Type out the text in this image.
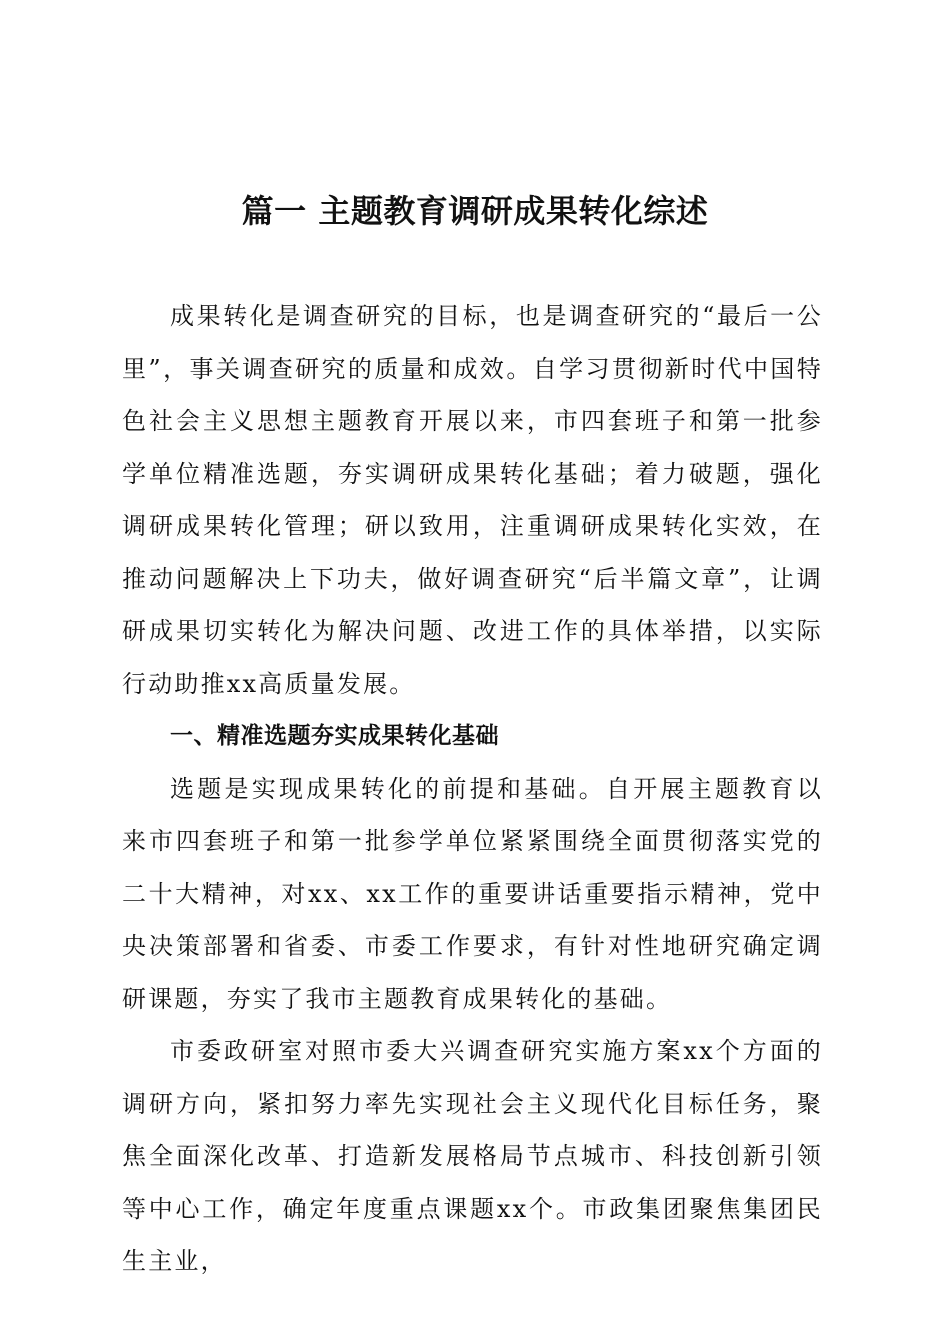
篇一 主题教育调研成果转化综述

成果转化是调查研究的目标，也是调查研究的“最后一公里”，事关调查研究的质量和成效。自学习贯彻新时代中国特色社会主义思想主题教育开展以来，市四套班子和第一批参学单位精准选题，夯实调研成果转化基础；着力破题，强化调研成果转化管理；研以致用，注重调研成果转化实效，在推动问题解决上下功夫，做好调查研究“后半篇文章”，让调研成果切实转化为解决问题、改进工作的具体举措，以实际行动助推xx高质量发展。

一、精准选题夯实成果转化基础

选题是实现成果转化的前提和基础。自开展主题教育以来市四套班子和第一批参学单位紧紧围绕全面贯彻落实党的二十大精神，对xx、xx工作的重要讲话重要指示精神，党中央决策部署和省委、市委工作要求，有针对性地研究确定调研课题，夯实了我市主题教育成果转化的基础。

市委政研室对照市委大兴调查研究实施方案xx个方面的调研方向，紧扣努力率先实现社会主义现代化目标任务，聚焦全面深化改革、打造新发展格局节点城市、科技创新引领等中心工作，确定年度重点课题xx个。市政集团聚焦集团民生主业，
